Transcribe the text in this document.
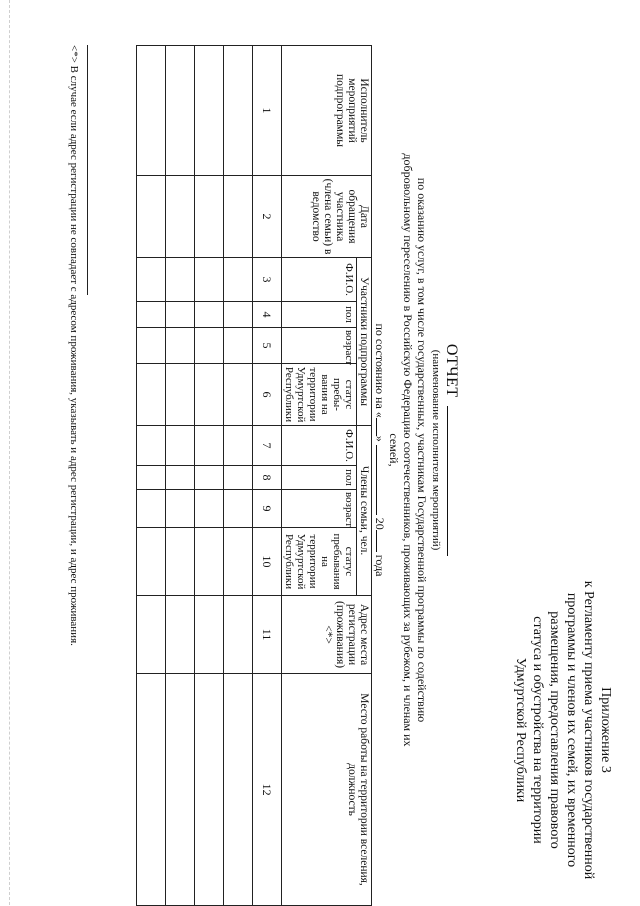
Приложение 3
к Регламенту приема участников государственной
программы и членов их семей, их временного
размещения, предоставления правового
статуса и обустройства на территории
Удмуртской Республики
ОТЧЕТ
(наименование исполнителя мероприятий)
по оказанию услуг, в том числе государственных, участникам Государственной программы по содействию
добровольному переселению в Российскую Федерацию соотечественников, проживающих за рубежом, и членам их семей,
по состоянию на «»  20 года
Исполнитель мероприятий подпрограммы	Дата обращения участника (члена семьи) в ведомство	Участники подпрограммы				Члены семьи, чел.				Адрес места регистрации (проживания) <*>	Место работы на территории вселения, должность
		Ф.И.О.	пол	возраст	статус пребы-вания на территории Удмуртской Республики	Ф.И.О.	пол	возраст	статус пребывания на территории Удмуртской Республики		
1	2	3	4	5	6	7	8	9	10	11	12

<*> В случае если адрес регистрации не совпадает с адресом проживания, указывать и адрес регистрации, и адрес проживания.
